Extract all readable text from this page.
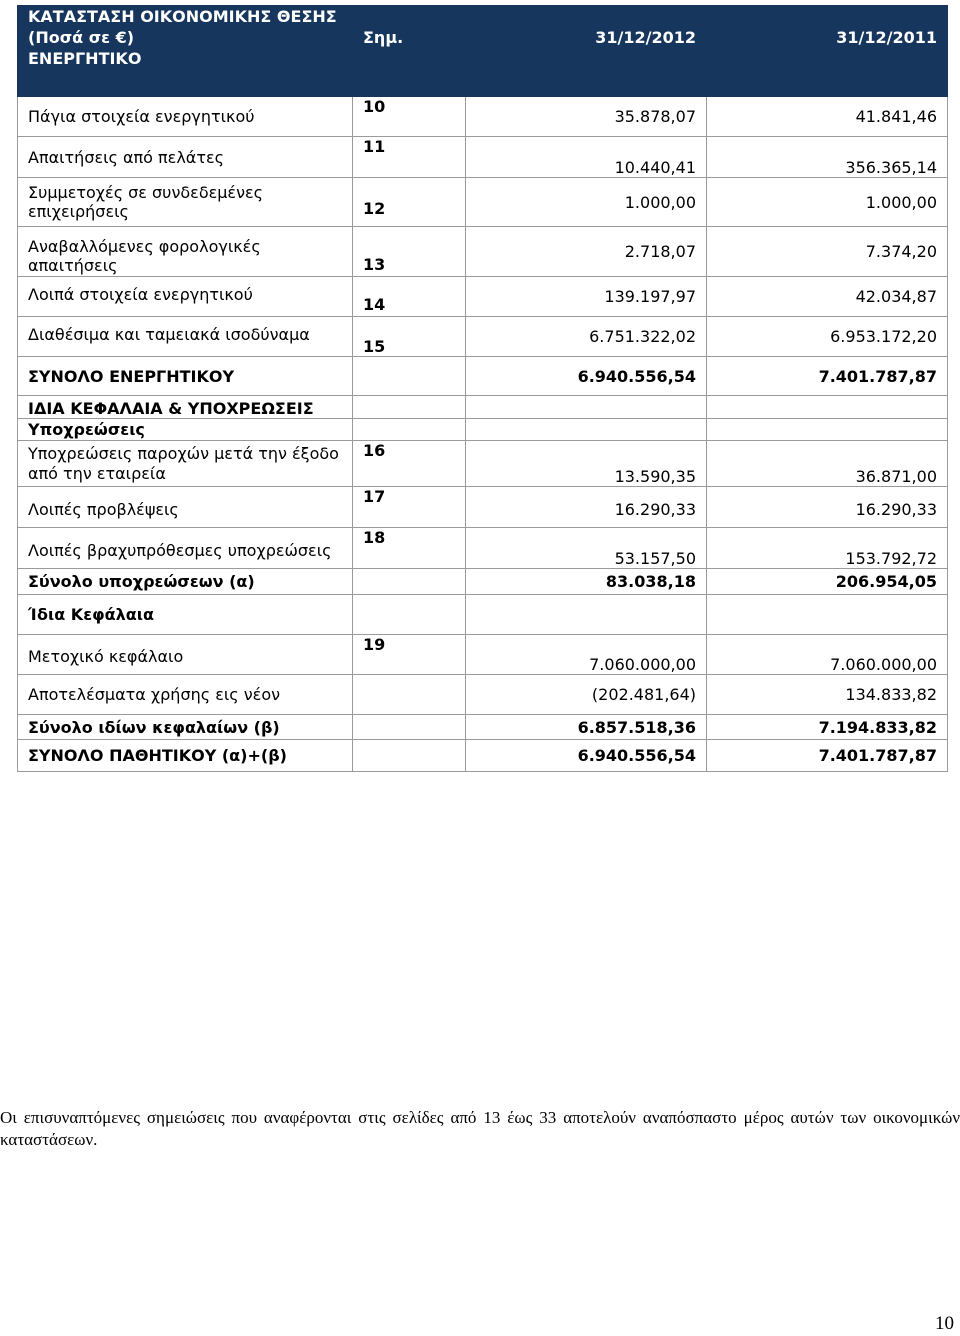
ΚΑΤΑΣΤΑΣΗ ΟΙΚΟΝΟΜΙΚΗΣ ΘΕΣΗΣ
(Ποσά σε €)
ΕΝΕΡΓΗΤΙΚΟ	Σημ.	31/12/2012	31/12/2011

Πάγια στοιχεία ενεργητικού	10	35.878,07	41.841,46
Απαιτήσεις από πελάτες	11	10.440,41	356.365,14
Συμμετοχές σε συνδεδεμένες επιχειρήσεις	12	1.000,00	1.000,00
Αναβαλλόμενες φορολογικές απαιτήσεις	13	2.718,07	7.374,20
Λοιπά στοιχεία ενεργητικού	14	139.197,97	42.034,87
Διαθέσιμα και ταμειακά ισοδύναμα	15	6.751.322,02	6.953.172,20
ΣΥΝΟΛΟ ΕΝΕΡΓΗΤΙΚΟΥ		6.940.556,54	7.401.787,87
ΙΔΙΑ ΚΕΦΑΛΑΙΑ & ΥΠΟΧΡΕΩΣΕΙΣ			
Υποχρεώσεις			
Υποχρεώσεις παροχών μετά την έξοδο από την εταιρεία	16	13.590,35	36.871,00
Λοιπές προβλέψεις	17	16.290,33	16.290,33
Λοιπές βραχυπρόθεσμες υποχρεώσεις	18	53.157,50	153.792,72
Σύνολο υποχρεώσεων (α)		83.038,18	206.954,05
Ίδια Κεφάλαια			
Μετοχικό κεφάλαιο	19	7.060.000,00	7.060.000,00
Αποτελέσματα χρήσης εις νέον		(202.481,64)	134.833,82
Σύνολο ιδίων κεφαλαίων (β)		6.857.518,36	7.194.833,82
ΣΥΝΟΛΟ ΠΑΘΗΤΙΚΟΥ (α)+(β)		6.940.556,54	7.401.787,87
Οι επισυναπτόμενες σημειώσεις που αναφέρονται στις σελίδες από 13 έως 33 αποτελούν αναπόσπαστο μέρος αυτών των οικονομικών καταστάσεων.
10
